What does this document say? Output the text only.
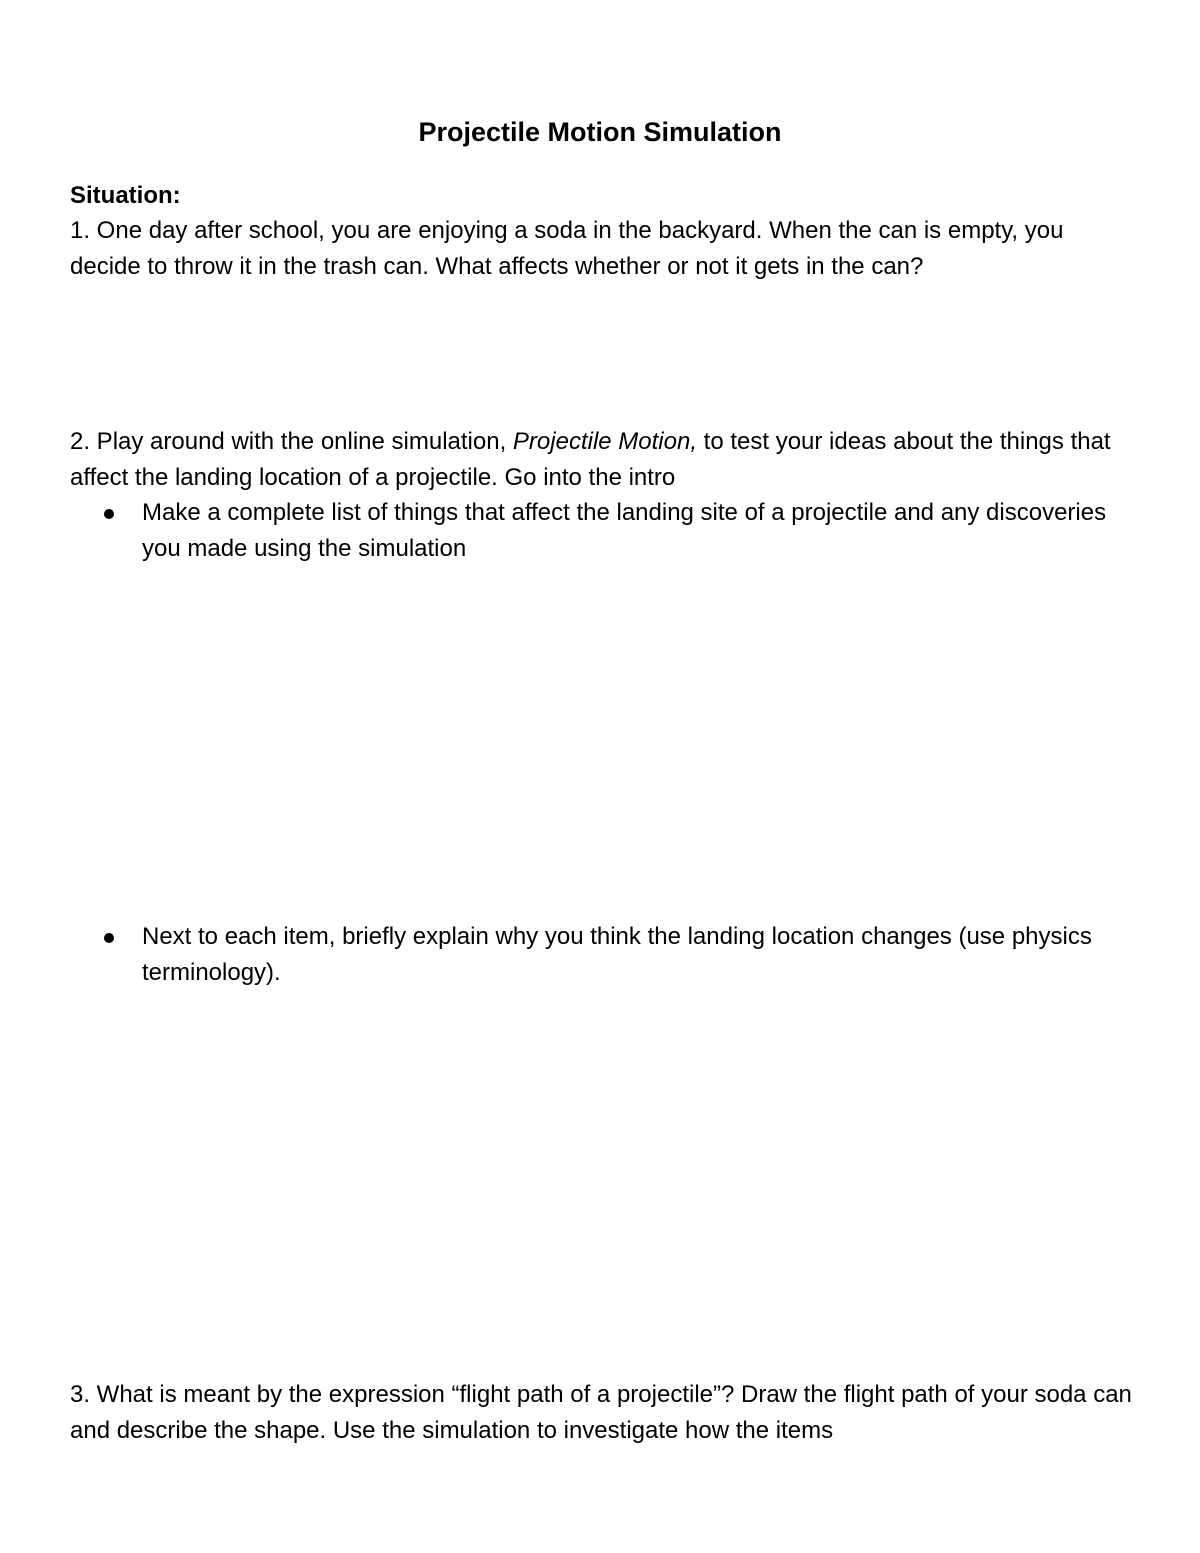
Projectile Motion Simulation
Situation:

1. One day after school, you are enjoying a soda in the backyard. When the can is empty, you decide to throw it in the trash can. What affects whether or not it gets in the can?

2. Play around with the online simulation, Projectile Motion, to test your ideas about the things that affect the landing location of a projectile. Go into the intro

Make a complete list of things that affect the landing site of a projectile and any discoveries you made using the simulation
Next to each item, briefly explain why you think the landing location changes (use physics terminology).

3. What is meant by the expression “flight path of a projectile”? Draw the flight path of your soda can and describe the shape. Use the simulation to investigate how the items
